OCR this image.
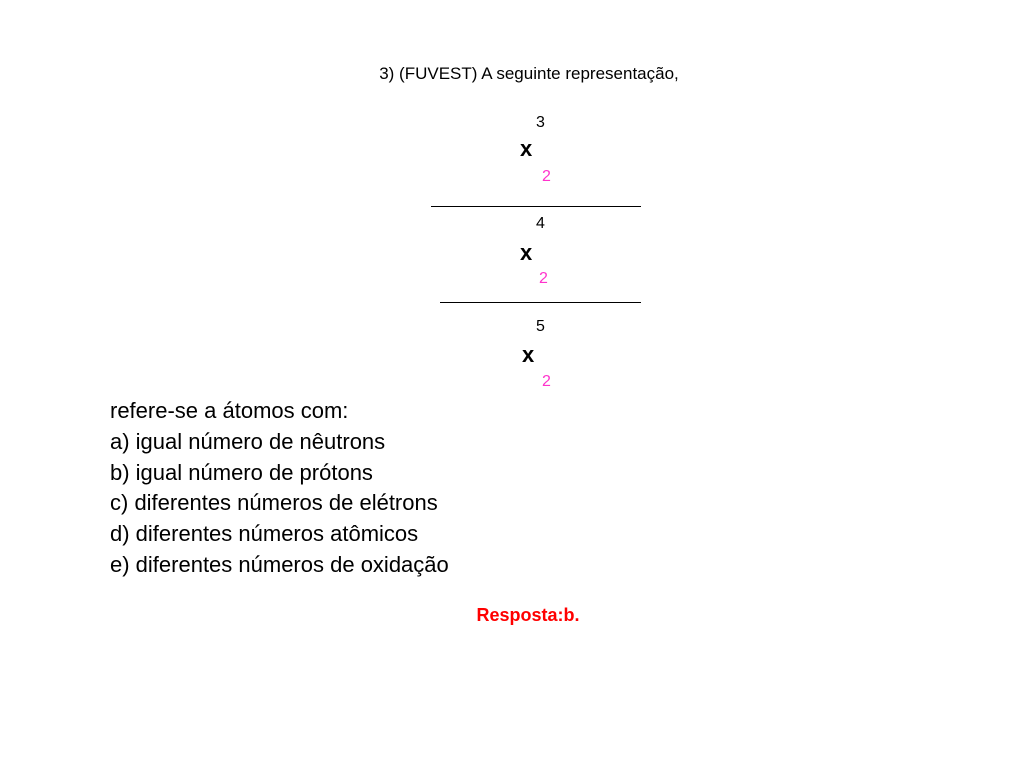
3) (FUVEST) A seguinte representação,
3
x
2
4
x
2
5
x
2
refere-se a átomos com:
a) igual número de nêutrons
b) igual número de prótons
c) diferentes números de elétrons
d) diferentes números atômicos
e) diferentes números de oxidação
Resposta:b.
